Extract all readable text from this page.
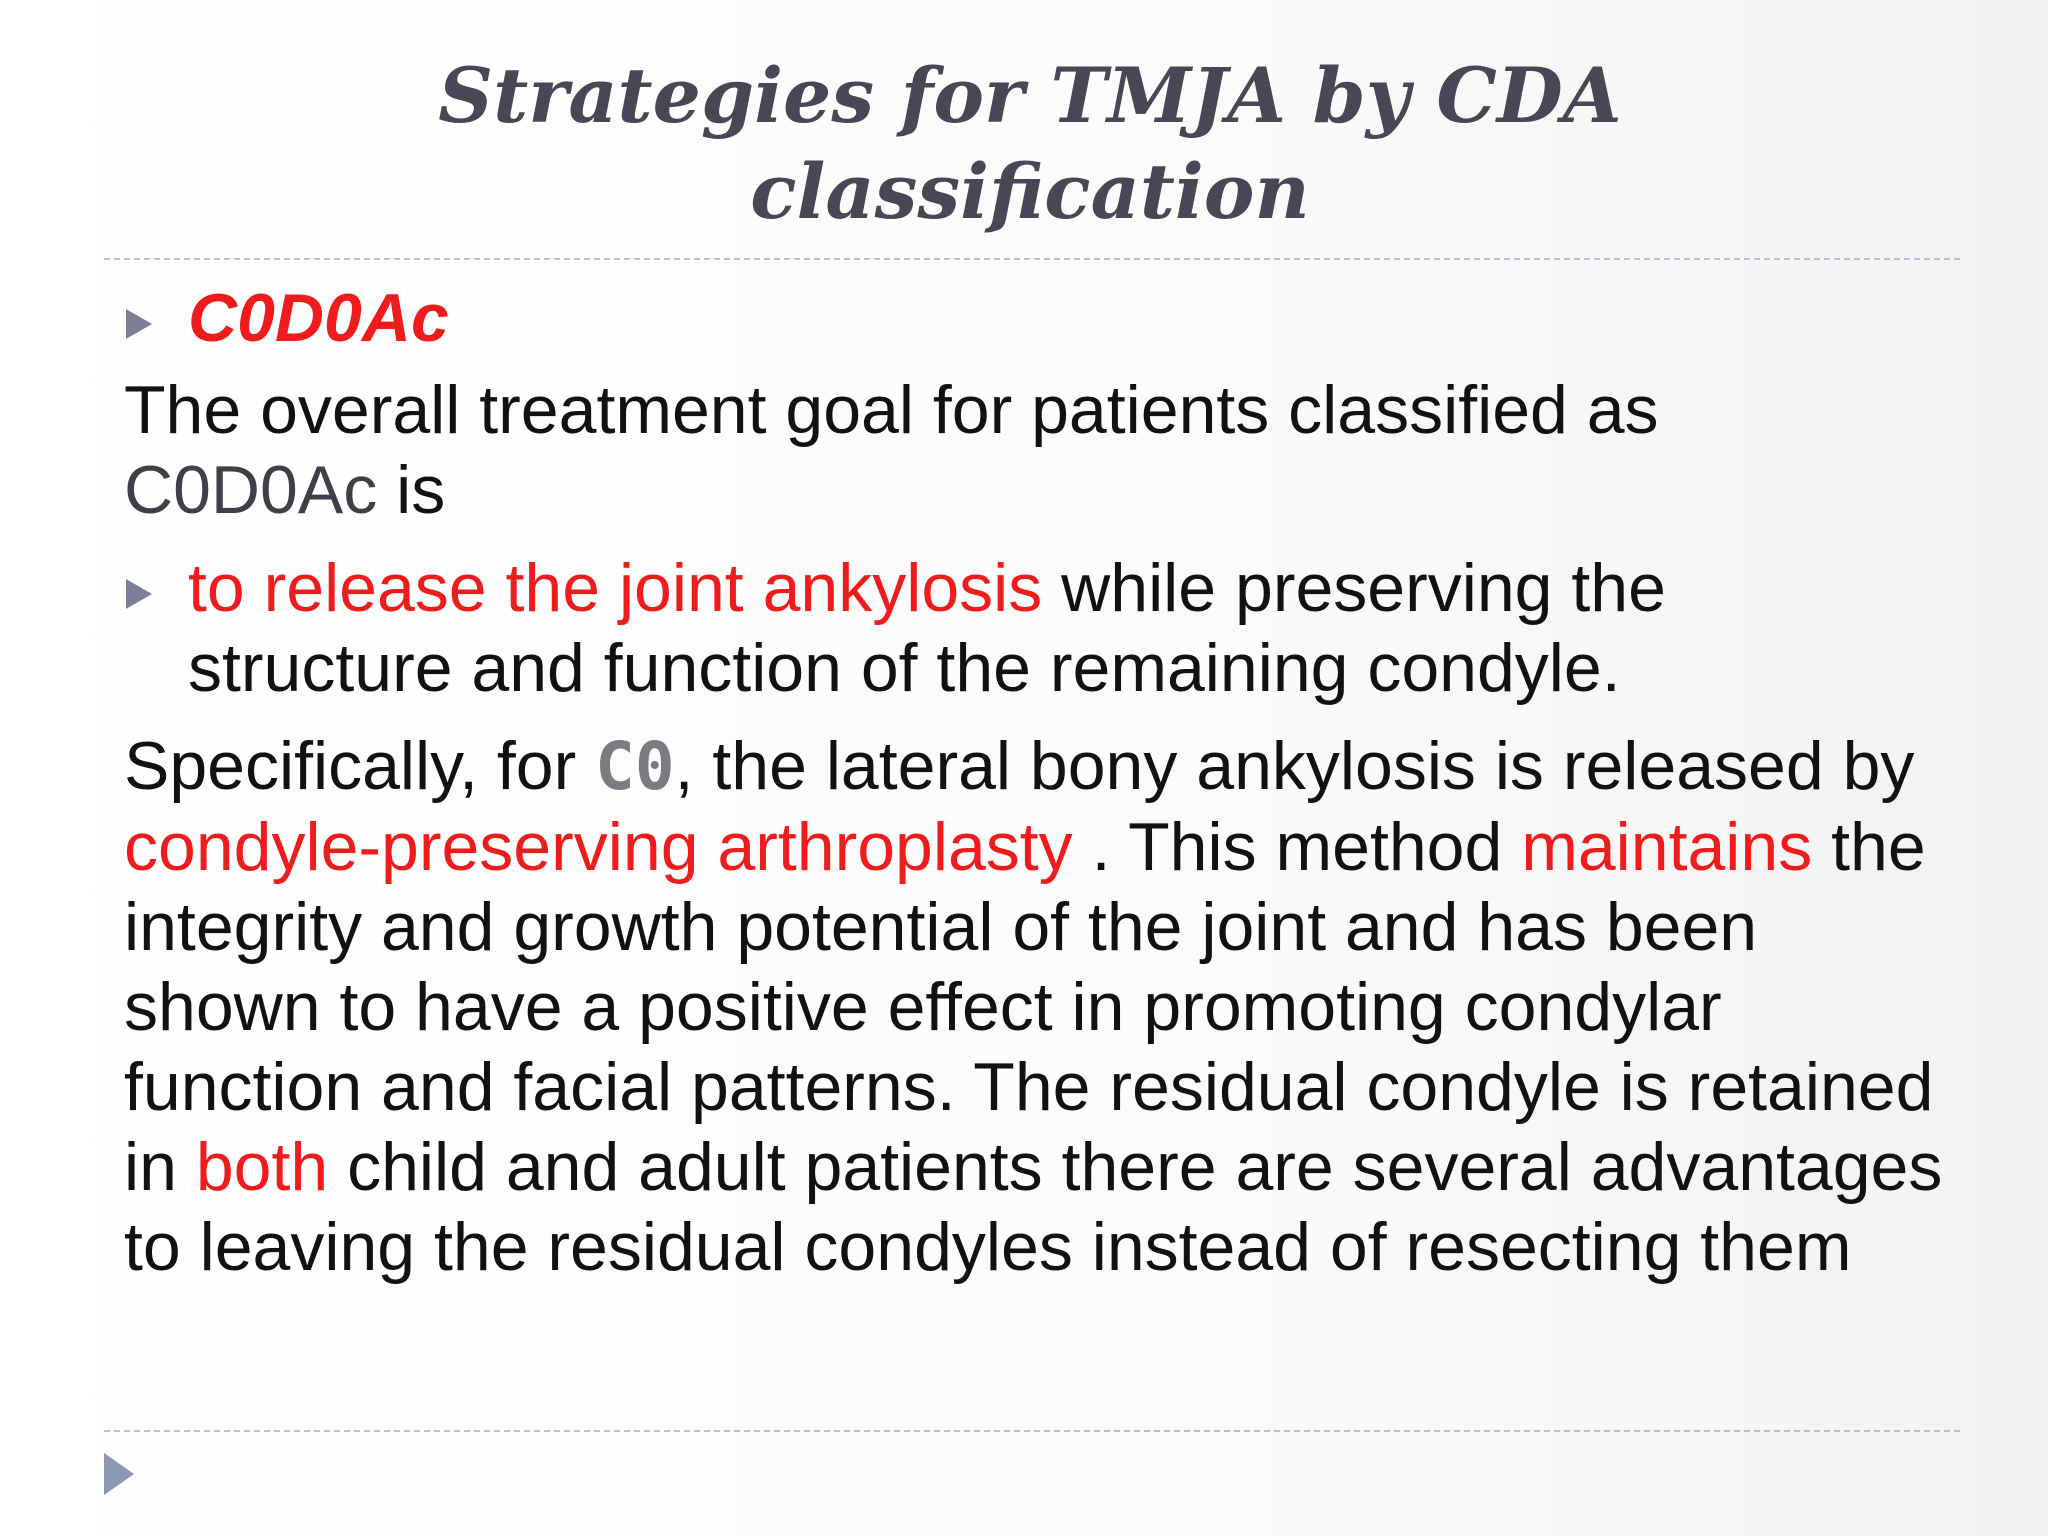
Strategies for TMJA by CDA
classification
C0D0Ac
The overall treatment goal for patients classified as
C0D0Ac is
to release the joint ankylosis while preserving the structure and function of the remaining condyle.
Specifically, for C0, the lateral bony ankylosis is released by condyle-preserving arthroplasty . This method maintains the integrity and growth potential of the joint and has been shown to have a positive effect in promoting condylar function and facial patterns. The residual condyle is retained in both child and adult patients there are several advantages to leaving the residual condyles instead of resecting them
